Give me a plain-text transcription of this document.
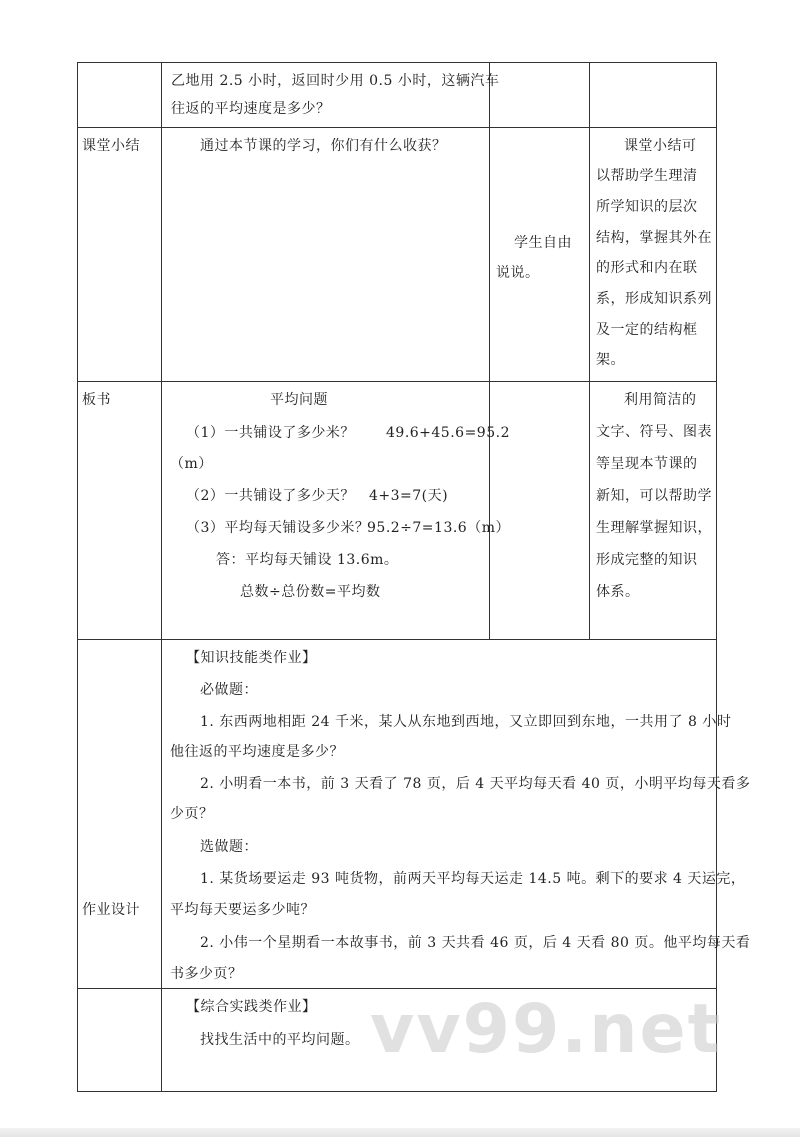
乙地用 2.5 小时，返回时少用 0.5 小时，这辆汽车
往返的平均速度是多少？
课堂小结	通过本节课的学习，你们有什么收获？
学生自由
说说。
课堂小结可
以帮助学生理清
所学知识的层次
结构，掌握其外在
的形式和内在联
系，形成知识系列
及一定的结构框
架。
板书	平均问题
（1）一共铺设了多少米？ 49.6+45.6=95.2
（m）
（2）一共铺设了多少天？ 4+3=7(天)
（3）平均每天铺设多少米？
95.2÷7=13.6（m）
答：平均每天铺设 13.6m。
总数÷总份数=平均数
利用简洁的
文字、符号、图表
等呈现本节课的
新知，可以帮助学
生理解掌握知识，
形成完整的知识
体系。
作业设计
【知识技能类作业】
必做题：
1. 东西两地相距 24 千米，某人从东地到西地，又立即回到东地，一共用了 8 小时
他往返的平均速度是多少？
2. 小明看一本书，前 3 天看了 78 页，后 4 天平均每天看 40 页，小明平均每天看多
少页？
选做题：
1. 某货场要运走 93 吨货物，前两天平均每天运走 14.5 吨。剩下的要求 4 天运完，
平均每天要运多少吨？
2. 小伟一个星期看一本故事书，前 3 天共看 46 页，后 4 天看 80 页。他平均每天看
书多少页？
【综合实践类作业】
找找生活中的平均问题。 vv99.net
